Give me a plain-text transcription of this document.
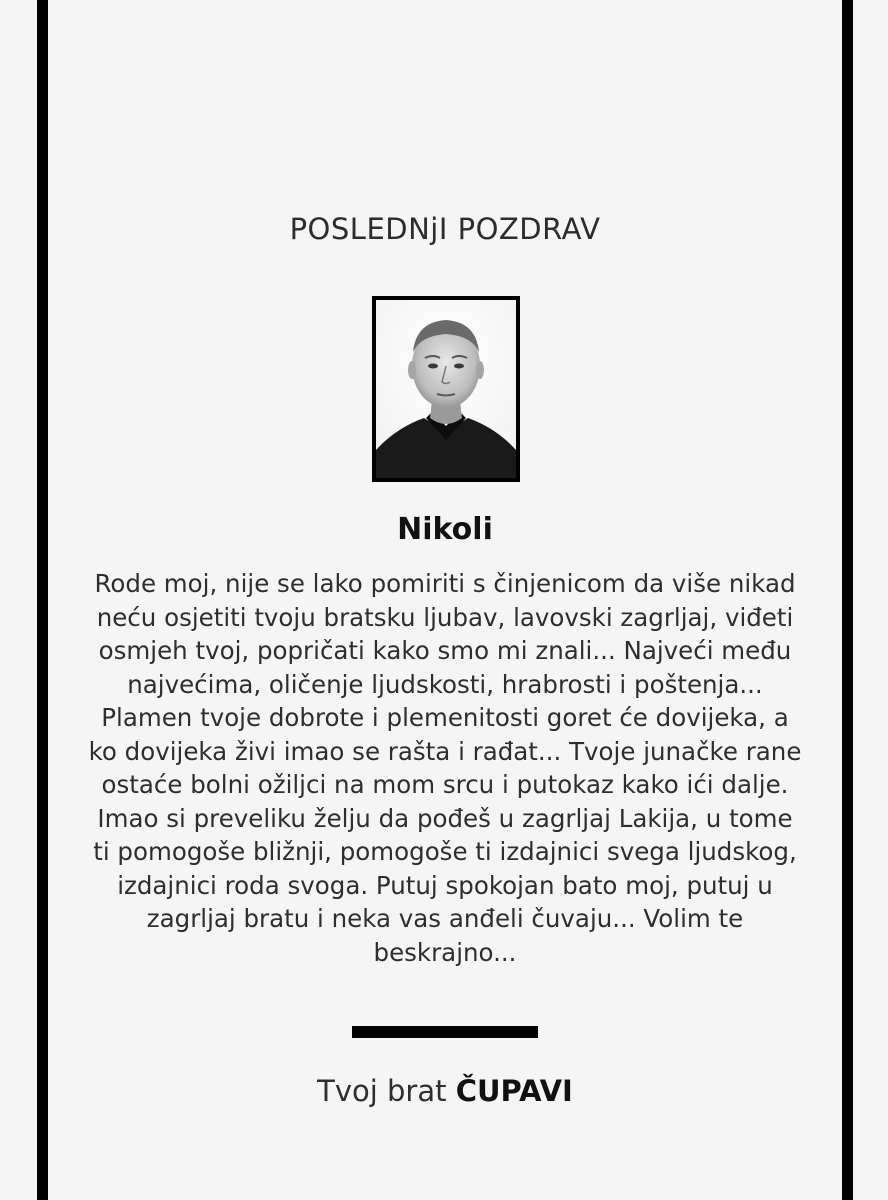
POSLEDNjI POZDRAV
Nikoli

Rode moj, nije se lako pomiriti s činjenicom da više nikad neću osjetiti tvoju bratsku ljubav, lavovski zagrljaj, viđeti osmjeh tvoj, popričati kako smo mi znali... Najveći među najvećima, oličenje ljudskosti, hrabrosti i poštenja... Plamen tvoje dobrote i plemenitosti goret će dovijeka, a ko dovijeka živi imao se rašta i rađat... Tvoje junačke rane ostaće bolni ožiljci na mom srcu i putokaz kako ići dalje. Imao si preveliku želju da pođeš u zagrljaj Lakija, u tome ti pomogoše bližnji, pomogoše ti izdajnici svega ljudskog, izdajnici roda svoga. Putuj spokojan bato moj, putuj u zagrljaj bratu i neka vas anđeli čuvaju... Volim te beskrajno...

Tvoj brat ČUPAVI
